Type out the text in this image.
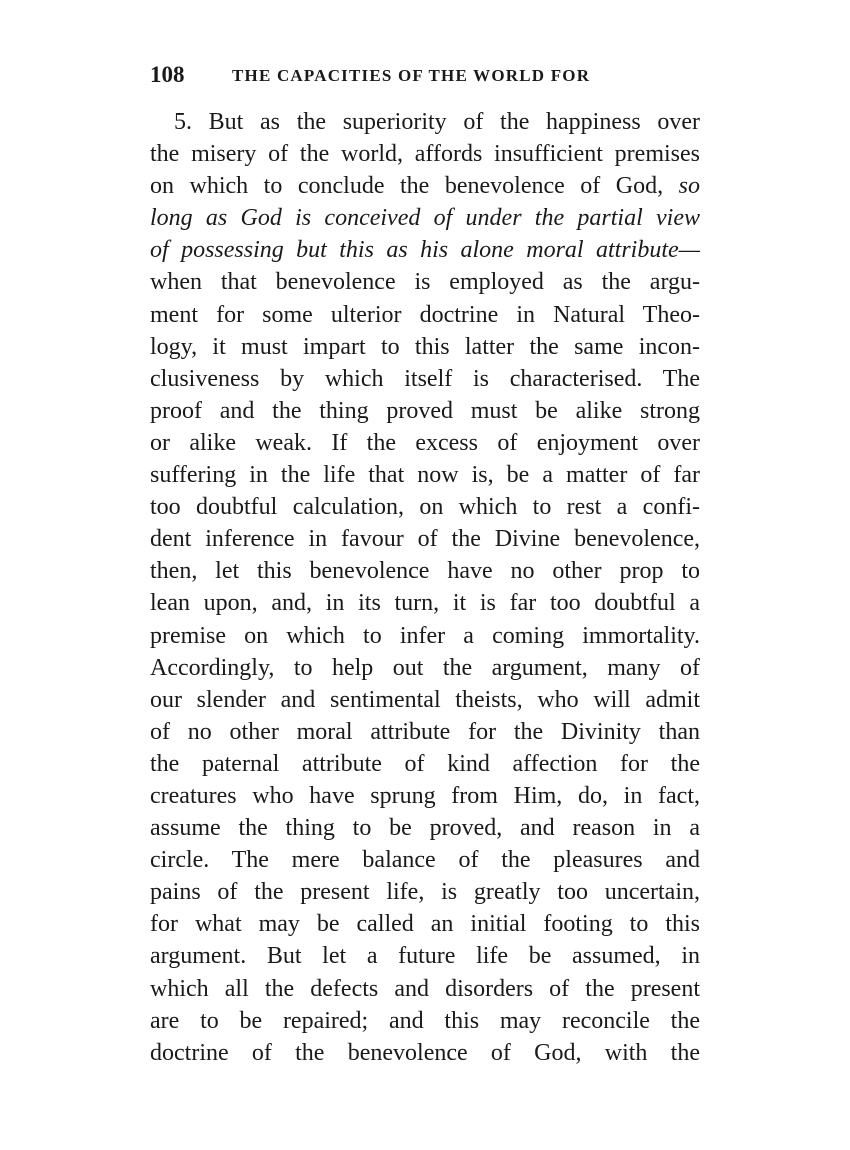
108	THE CAPACITIES OF THE WORLD FOR
5. But as the superiority of the happiness over
the misery of the world, affords insufficient premises
on which to conclude the benevolence of God, so
long as God is conceived of under the partial view
of possessing but this as his alone moral attribute—
when that benevolence is employed as the argu-
ment for some ulterior doctrine in Natural Theo-
logy, it must impart to this latter the same incon-
clusiveness by which itself is characterised. The
proof and the thing proved must be alike strong
or alike weak. If the excess of enjoyment over
suffering in the life that now is, be a matter of far
too doubtful calculation, on which to rest a confi-
dent inference in favour of the Divine benevolence,
then, let this benevolence have no other prop to
lean upon, and, in its turn, it is far too doubtful a
premise on which to infer a coming immortality.
Accordingly, to help out the argument, many of
our slender and sentimental theists, who will admit
of no other moral attribute for the Divinity than
the paternal attribute of kind affection for the
creatures who have sprung from Him, do, in fact,
assume the thing to be proved, and reason in a
circle. The mere balance of the pleasures and
pains of the present life, is greatly too uncertain,
for what may be called an initial footing to this
argument. But let a future life be assumed, in
which all the defects and disorders of the present
are to be repaired; and this may reconcile the
doctrine of the benevolence of God, with the
